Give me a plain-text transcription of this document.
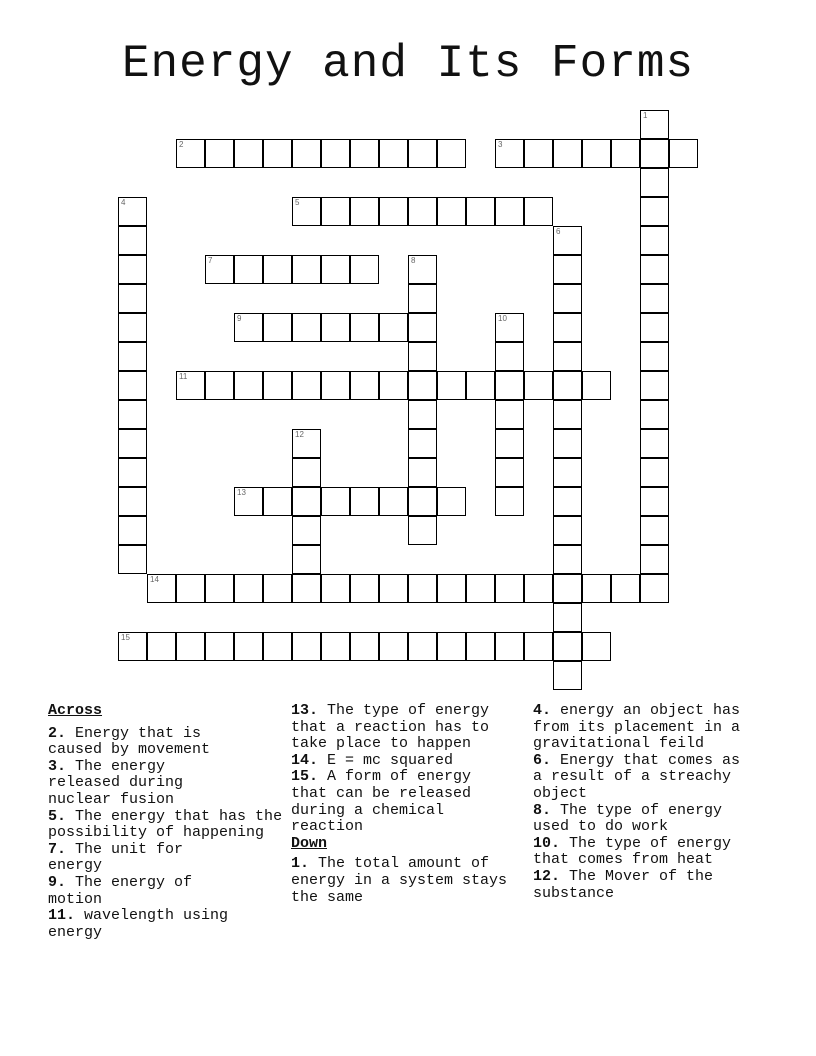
Energy and Its Forms
1
2	3
4	5
6
7	8
9	10
11
12
13
14
15
Across
2. Energy that is caused by movement
3. The energy released during nuclear fusion
5. The energy that has the possibility of happening
7. The unit for energy
9. The energy of motion
11. wavelength using energy
13. The type of energy that a reaction has to take place to happen
14. E = mc squared
15. A form of energy that can be released during a chemical reaction
Down
1. The total amount of energy in a system stays the same
4. energy an object has from its placement in a gravitational feild
6. Energy that comes as a result of a streachy object
8. The type of energy used to do work
10. The type of energy that comes from heat
12. The Mover of the substance
